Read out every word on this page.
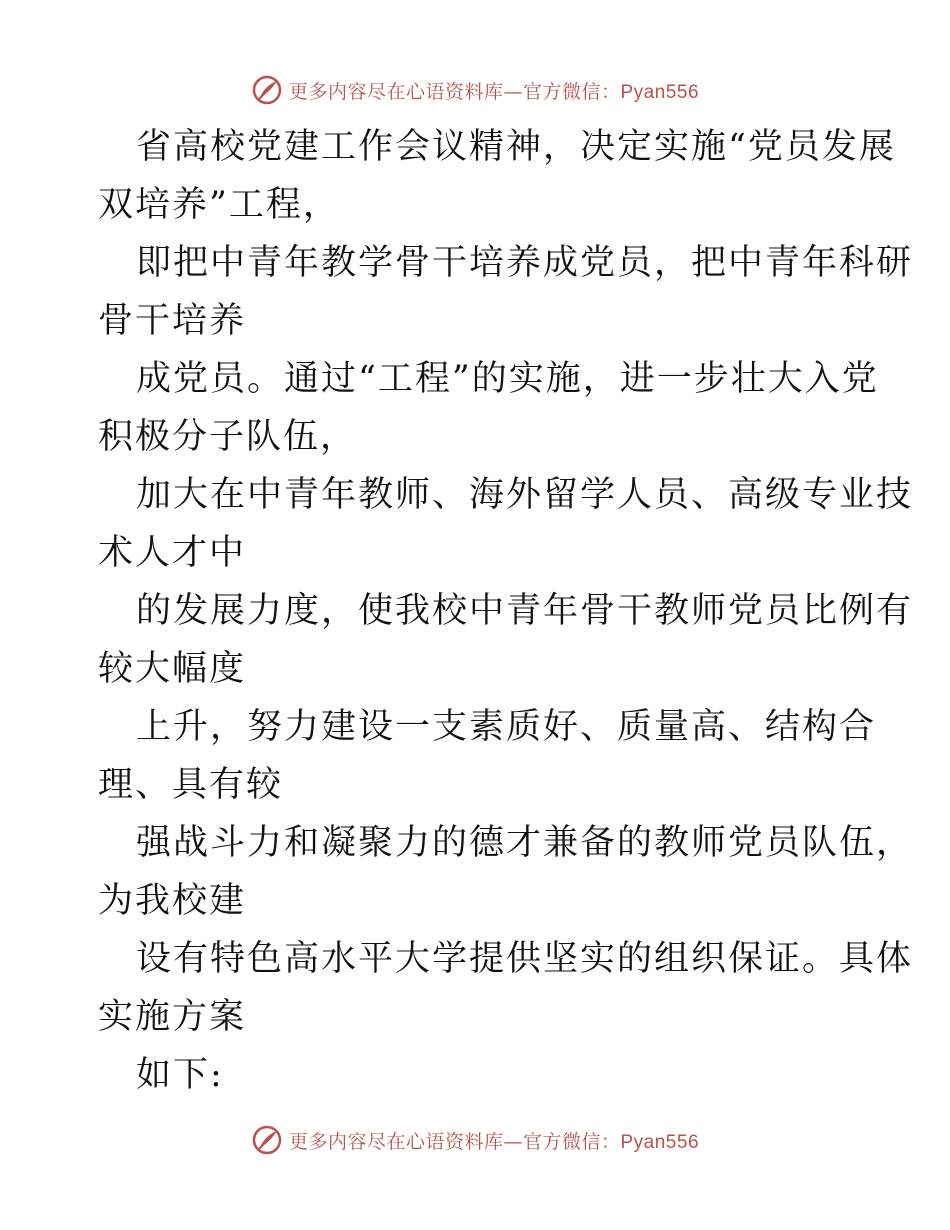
更多内容尽在心语资料库—官方微信：Pyan556
省高校党建工作会议精神，决定实施“党员发展
双培养”工程，
即把中青年教学骨干培养成党员，把中青年科研
骨干培养
成党员。通过“工程”的实施，进一步壮大入党
积极分子队伍，
加大在中青年教师、海外留学人员、高级专业技
术人才中
的发展力度，使我校中青年骨干教师党员比例有
较大幅度
上升，努力建设一支素质好、质量高、结构合
理、具有较
强战斗力和凝聚力的德才兼备的教师党员队伍，
为我校建
设有特色高水平大学提供坚实的组织保证。具体
实施方案
如下:
更多内容尽在心语资料库—官方微信：Pyan556
